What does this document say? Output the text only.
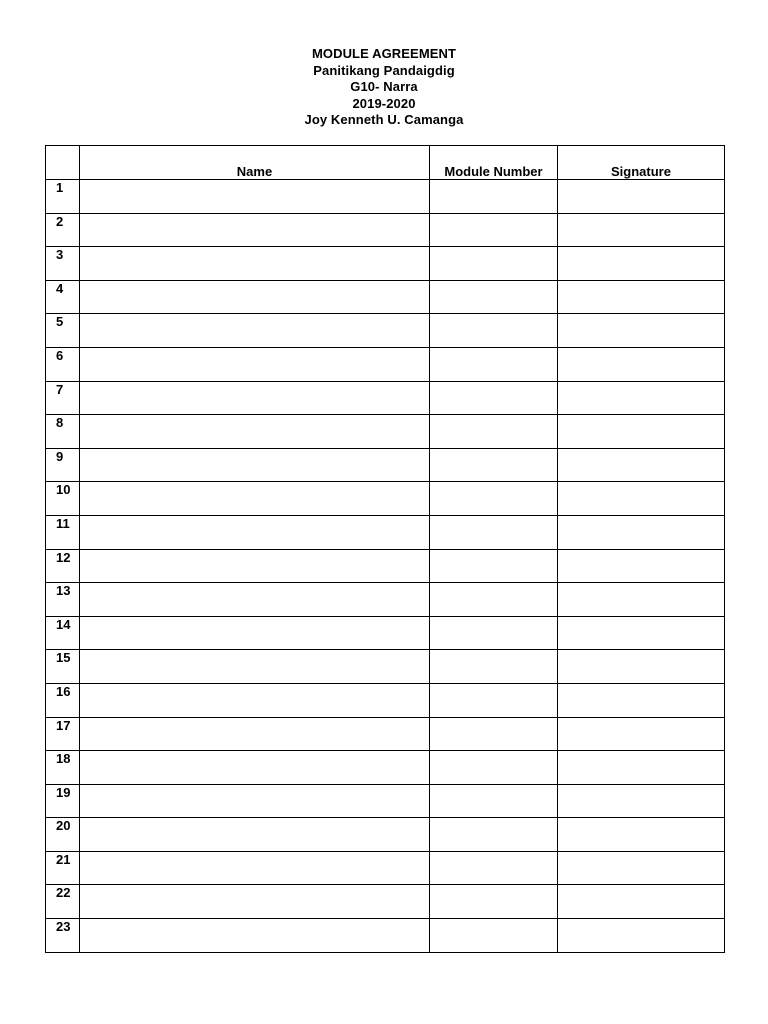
MODULE AGREEMENT
Panitikang Pandaigdig
G10- Narra
2019-2020
Joy Kenneth U. Camanga
	Name	Module Number	Signature
1			
2			
3			
4			
5			
6			
7			
8			
9			
10			
11			
12			
13			
14			
15			
16			
17			
18			
19			
20			
21			
22			
23			
